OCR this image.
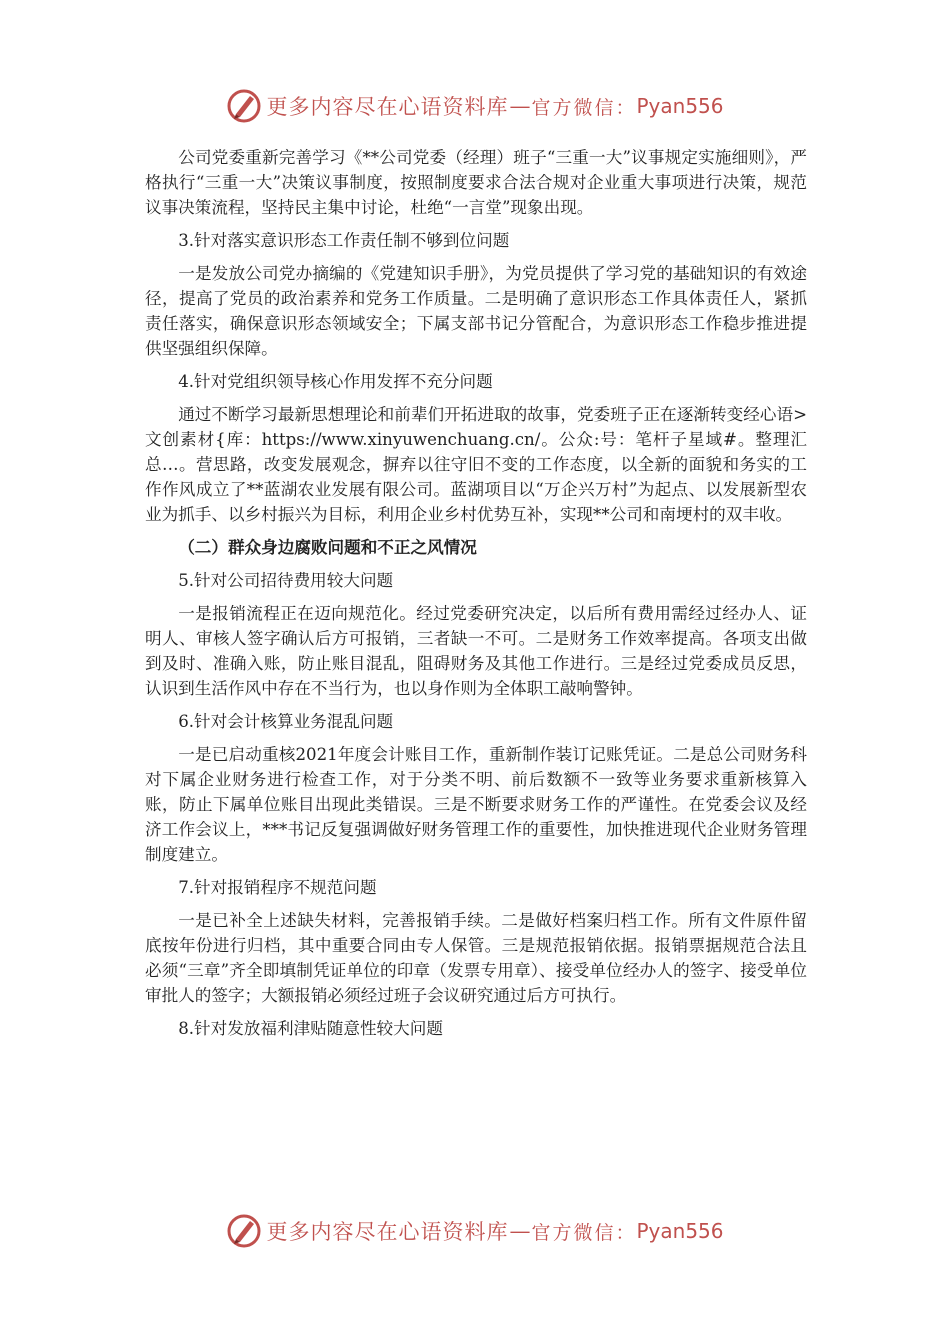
更多内容尽在心语资料库 — 官方微信： Pyan556

公司党委重新完善学习《**公司党委（经理）班子“三重一大”议事规定实施细则》，严格执行“三重一大”决策议事制度，按照制度要求合法合规对企业重大事项进行决策，规范议事决策流程，坚持民主集中讨论，杜绝“一言堂”现象出现。

3.针对落实意识形态工作责任制不够到位问题

一是发放公司党办摘编的《党建知识手册》，为党员提供了学习党的基础知识的有效途径，提高了党员的政治素养和党务工作质量。二是明确了意识形态工作具体责任人，紧抓责任落实，确保意识形态领域安全；下属支部书记分管配合，为意识形态工作稳步推进提供坚强组织保障。

4.针对党组织领导核心作用发挥不充分问题

通过不断学习最新思想理论和前辈们开拓进取的故事，党委班子正在逐渐转变经心语>文创素材{库：https://www.xinyuwenchuang.cn/。公众:号：笔杆子星域#。整理汇总…。营思路，改变发展观念，摒弃以往守旧不变的工作态度，以全新的面貌和务实的工作作风成立了**蓝湖农业发展有限公司。蓝湖项目以“万企兴万村”为起点、以发展新型农业为抓手、以乡村振兴为目标，利用企业乡村优势互补，实现**公司和南埂村的双丰收。

（二）群众身边腐败问题和不正之风情况

5.针对公司招待费用较大问题

一是报销流程正在迈向规范化。经过党委研究决定，以后所有费用需经过经办人、证明人、审核人签字确认后方可报销，三者缺一不可。二是财务工作效率提高。各项支出做到及时、准确入账，防止账目混乱，阻碍财务及其他工作进行。三是经过党委成员反思，认识到生活作风中存在不当行为，也以身作则为全体职工敲响警钟。

6.针对会计核算业务混乱问题

一是已启动重核2021年度会计账目工作，重新制作装订记账凭证。二是总公司财务科对下属企业财务进行检查工作，对于分类不明、前后数额不一致等业务要求重新核算入账，防止下属单位账目出现此类错误。三是不断要求财务工作的严谨性。在党委会议及经济工作会议上，***书记反复强调做好财务管理工作的重要性，加快推进现代企业财务管理制度建立。

7.针对报销程序不规范问题

一是已补全上述缺失材料，完善报销手续。二是做好档案归档工作。所有文件原件留底按年份进行归档，其中重要合同由专人保管。三是规范报销依据。报销票据规范合法且必须“三章”齐全即填制凭证单位的印章（发票专用章）、接受单位经办人的签字、接受单位审批人的签字；大额报销必须经过班子会议研究通过后方可执行。

8.针对发放福利津贴随意性较大问题

更多内容尽在心语资料库 — 官方微信： Pyan556
